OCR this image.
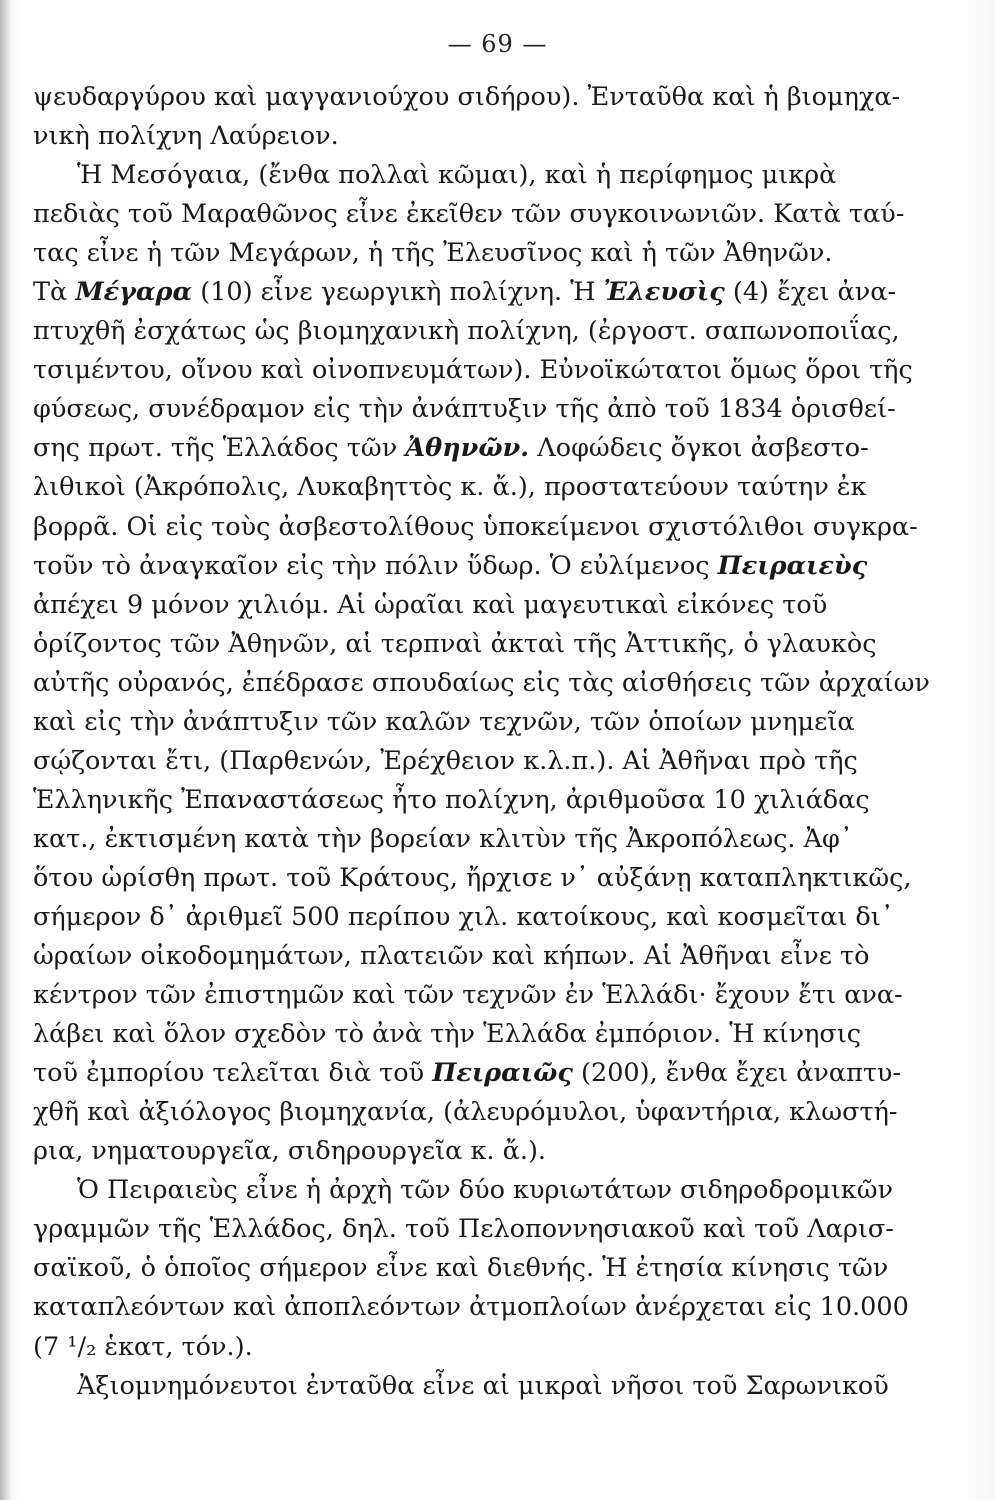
— 69 —
ψευδαργύρου καὶ μαγγανιούχου σιδήρου). Ἐνταῦθα καὶ ἡ βιομηχα-
νικὴ πολίχνη Λαύρειον.
Ἡ Μεσόγαια, (ἔνθα πολλαὶ κῶμαι), καὶ ἡ περίφημος μικρὰ
πεδιὰς τοῦ Μαραθῶνος εἶνε ἐκεῖθεν τῶν συγκοινωνιῶν. Κατὰ ταύ-
τας εἶνε ἡ τῶν Μεγάρων, ἡ τῆς Ἐλευσῖνος καὶ ἡ τῶν Ἀθηνῶν.
Τὰ Μέγαρα (10) εἶνε γεωργικὴ πολίχνη. Ἡ Ἐλευσὶς (4) ἔχει ἀνα-
πτυχθῆ ἐσχάτως ὡς βιομηχανικὴ πολίχνη, (ἐργοστ. σαπωνοποιΐας,
τσιμέντου, οἴνου καὶ οἰνοπνευμάτων). Εὐνοϊκώτατοι ὅμως ὅροι τῆς
φύσεως, συνέδραμον εἰς τὴν ἀνάπτυξιν τῆς ἀπὸ τοῦ 1834 ὁρισθεί-
σης πρωτ. τῆς Ἑλλάδος τῶν Ἀθηνῶν. Λοφώδεις ὄγκοι ἀσβεστο-
λιθικοὶ (Ἀκρόπολις, Λυκαβηττὸς κ. ἄ.), προστατεύουν ταύτην ἐκ
βορρᾶ. Οἱ εἰς τοὺς ἀσβεστολίθους ὑποκείμενοι σχιστόλιθοι συγκρα-
τοῦν τὸ ἀναγκαῖον εἰς τὴν πόλιν ὕδωρ. Ὁ εὐλίμενος Πειραιεὺς
ἀπέχει 9 μόνον χιλιόμ. Αἱ ὡραῖαι καὶ μαγευτικαὶ εἰκόνες τοῦ
ὁρίζοντος τῶν Ἀθηνῶν, αἱ τερπναὶ ἀκταὶ τῆς Ἀττικῆς, ὁ γλαυκὸς
αὐτῆς οὐρανός, ἐπέδρασε σπουδαίως εἰς τὰς αἰσθήσεις τῶν ἀρχαίων
καὶ εἰς τὴν ἀνάπτυξιν τῶν καλῶν τεχνῶν, τῶν ὁποίων μνημεῖα
σῴζονται ἔτι, (Παρθενών, Ἐρέχθειον κ.λ.π.). Αἱ Ἀθῆναι πρὸ τῆς
Ἑλληνικῆς Ἐπαναστάσεως ἦτο πολίχνη, ἀριθμοῦσα 10 χιλιάδας
κατ., ἐκτισμένη κατὰ τὴν βορείαν κλιτὺν τῆς Ἀκροπόλεως. Ἀφ᾽
ὅτου ὡρίσθη πρωτ. τοῦ Κράτους, ἤρχισε ν᾽ αὐξάνῃ καταπληκτικῶς,
σήμερον δ᾽ ἀριθμεῖ 500 περίπου χιλ. κατοίκους, καὶ κοσμεῖται δι᾽
ὡραίων οἰκοδομημάτων, πλατειῶν καὶ κήπων. Αἱ Ἀθῆναι εἶνε τὸ
κέντρον τῶν ἐπιστημῶν καὶ τῶν τεχνῶν ἐν Ἑλλάδι· ἔχουν ἔτι ανα-
λάβει καὶ ὅλον σχεδὸν τὸ ἀνὰ τὴν Ἑλλάδα ἐμπόριον. Ἡ κίνησις
τοῦ ἐμπορίου τελεῖται διὰ τοῦ Πειραιῶς (200), ἔνθα ἔχει ἀναπτυ-
χθῆ καὶ ἀξιόλογος βιομηχανία, (ἀλευρόμυλοι, ὑφαντήρια, κλωστή-
ρια, νηματουργεῖα, σιδηρουργεῖα κ. ἄ.).
Ὁ Πειραιεὺς εἶνε ἡ ἀρχὴ τῶν δύο κυριωτάτων σιδηροδρομικῶν
γραμμῶν τῆς Ἑλλάδος, δηλ. τοῦ Πελοποννησιακοῦ καὶ τοῦ Λαρισ-
σαϊκοῦ, ὁ ὁποῖος σήμερον εἶνε καὶ διεθνής. Ἡ ἐτησία κίνησις τῶν
καταπλεόντων καὶ ἀποπλεόντων ἀτμοπλοίων ἀνέρχεται εἰς 10.000
(7 ¹/₂ ἑκατ, τόν.).
Ἀξιομνημόνευτοι ἐνταῦθα εἶνε αἱ μικραὶ νῆσοι τοῦ Σαρωνικοῦ
